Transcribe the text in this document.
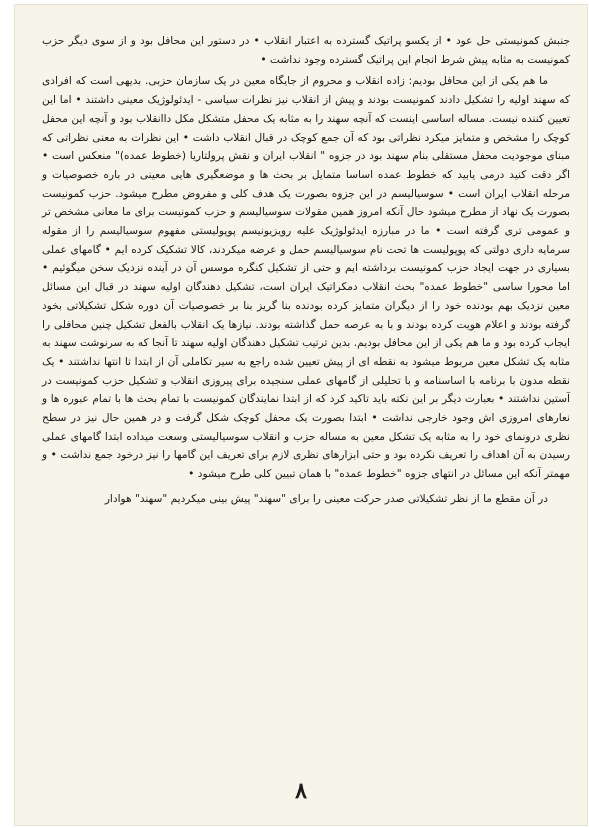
جنبش کمونیستی حل عود • از یکسو پراتیک گسترده به اعتبار انقلاب • در دستور این محافل بود و از سوی دیگر حزب کمونیست به مثابه پیش شرط انجام این پراتیک گسترده وجود نداشت •

ما هم یکی از این محافل بودیم: زاده انقلاب و محروم از جایگاه معین در یک سازمان حزبی. بدیهی است که افرادی که سهند اولیه را تشکیل دادند کمونیست بودند و پیش از انقلاب نیز نظرات سیاسی - ایدئولوژیک معینی داشتند • اما این تعیین کننده نیست. مساله اساسی اینست که آنچه سهند را به مثابه یک محفل متشکل مکل داانقلاب بود و آنچه این محفل کوچک را مشخص و متمایز میکرد نظراتی بود که آن جمع کوچک در قبال انقلاب داشت • این نظرات به معنی نظراتی که مبنای موجودیت محفل مستقلی بنام سهند بود در جزوه " انقلاب ایران و نقش پرولتاریا (خطوط عمده)" منعکس است • اگر دقت کنید درمی یابید که خطوط عمده اساسا متمایل بر بحث ها و موضعگیری هایی معینی در باره خصوصیات و مرحله انقلاب ایران است • سوسیالیسم در این جزوه بصورت یک هدف کلی و مفروض مطرح میشود. حزب کمونیست بصورت یک نهاد از مطرح میشود حال آنکه امروز همین مقولات سوسیالیسم و حزب کمونیست برای ما معانی مشخص تر و عمومی تری گرفته است • ما در مبارزه ایدئولوژیک علیه رویزیونیسم پوپولیستی مفهوم سوسیالیسم را از مقوله سرمایه داری دولتی که پوپولیست ها تحت نام سوسیالیسم حمل و عرضه میکردند، کالا تشکیک کرده ایم • گامهای عملی بسیاری در جهت ایجاد حزب کمونیست برداشته ایم و حتی از تشکیل کنگره موسس آن در آینده نزدیک سخن میگوئیم • اما محورا ساسی "خطوط عمده" بحث انقلاب دمکراتیک ایران است، تشکیل دهندگان اولیه سهند در قبال این مسائل معین نزدیک بهم بودنده خود را از دیگران متمایز کرده بودنده بنا گریز بنا بر خصوصیات آن دوره شکل تشکیلاتی بخود گرفته بودند و اعلام هویت کرده بودند و با به عرصه حمل گذاشته بودند. نیازها یک انقلاب بالفعل تشکیل چنین محافلی را ایجاب کرده بود و ما هم یکی از این محافل بودیم. بدین ترتیب تشکیل دهندگان اولیه سهند تا آنجا که به سرنوشت سهند به مثابه یک تشکل معین مربوط میشود به نقطه ای از پیش تعیین شده راجع به سیر تکاملی آن از ابتدا تا انتها نداشتند • یک نقطه مدون با برنامه با اساسنامه و با تحلیلی از گامهای عملی سنجیده برای پیروزی انقلاب و تشکیل حزب کمونیست در آستین نداشتند • بعبارت دیگر بر این نکته باید تاکید کرد که از ابتدا نمایندگان کمونیست با تمام بحث ها با تمام عبوره ها و نعارهای امروزی اش وجود خارجی نداشت • ابتدا بصورت یک محفل کوچک شکل گرفت و در همین حال نیز در سطح نظری درونمای خود را به مثابه یک تشکل معین به مساله حزب و انقلاب سوسیالیستی وسعت میداده ابتدا گامهای عملی رسیدن به آن اهداف را تعریف نکرده بود و حتی ابزارهای نظری لازم برای تعریف این گامها را نیز درخود جمع نداشت • و مهمتر آنکه این مسائل در انتهای جزوه "خطوط عمده" با همان تبیین کلی طرح میشود •

در آن مقطع ما از نظر تشکیلاتی صدر حرکت معینی را برای "سهند" پیش بینی میکردیم "سهند" هوادار

۸
